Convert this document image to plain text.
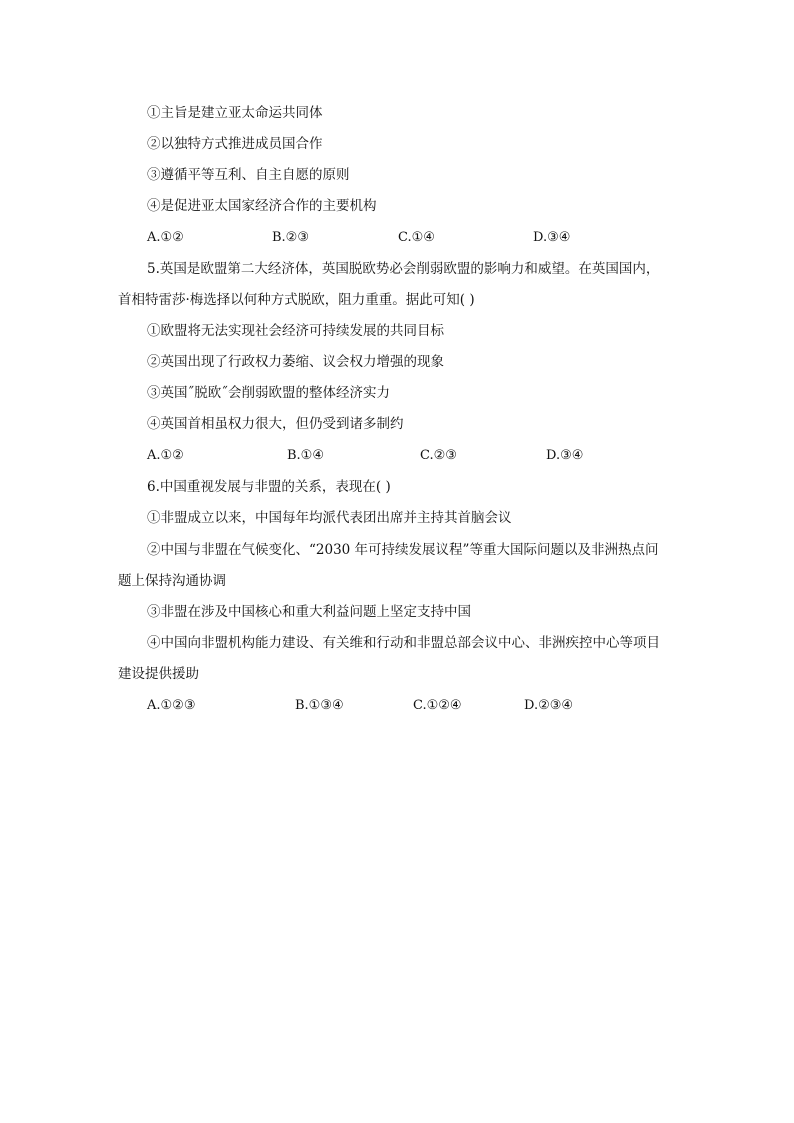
①主旨是建立亚太命运共同体
②以独特方式推进成员国合作
③遵循平等互利、自主自愿的原则
④是促进亚太国家经济合作的主要机构
A.①②	B.②③	C.①④	D.③④
5.英国是欧盟第二大经济体，英国脱欧势必会削弱欧盟的影响力和威望。在英国国内，
首相特雷莎·梅选择以何种方式脱欧，阻力重重。据此可知( )
①欧盟将无法实现社会经济可持续发展的共同目标
②英国出现了行政权力萎缩、议会权力增强的现象
③英国˝脱欧˝会削弱欧盟的整体经济实力
④英国首相虽权力很大，但仍受到诸多制约
A.①②	B.①④	C.②③	D.③④
6.中国重视发展与非盟的关系，表现在( )
①非盟成立以来，中国每年均派代表团出席并主持其首脑会议
②中国与非盟在气候变化、“2030 年可持续发展议程”等重大国际问题以及非洲热点问
题上保持沟通协调
③非盟在涉及中国核心和重大利益问题上坚定支持中国
④中国向非盟机构能力建设、有关维和行动和非盟总部会议中心、非洲疾控中心等项目
建设提供援助
A.①②③	B.①③④	C.①②④	D.②③④
